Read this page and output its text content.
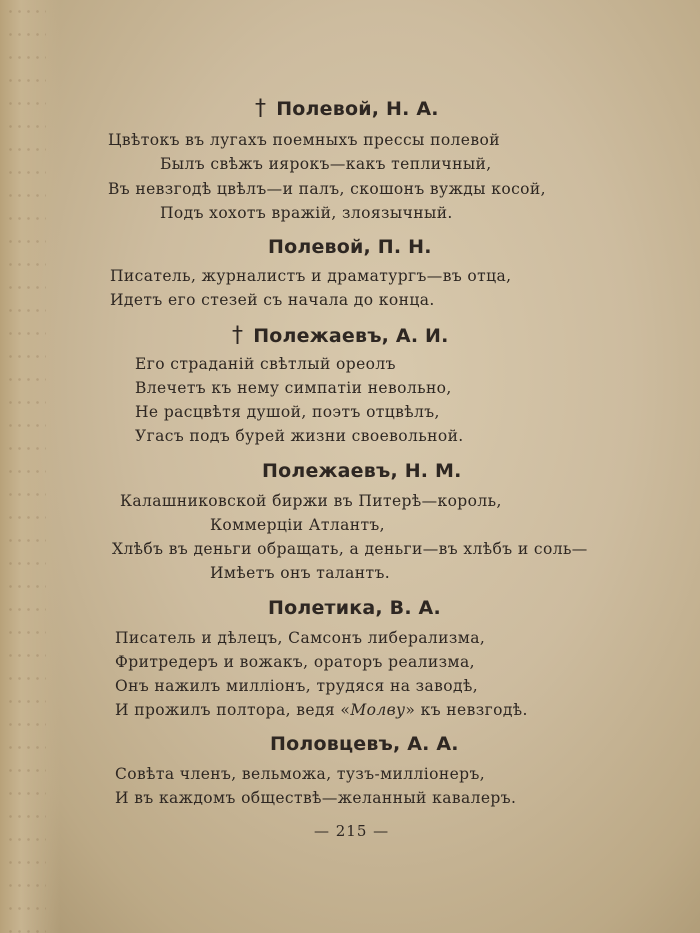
† Полевой, Н. А.
Цвѣтокъ въ лугахъ поемныхъ прессы полевой
Былъ свѣжъ иярокъ—какъ тепличный,
Въ невзгодѣ цвѣлъ—и палъ, скошонъ вужды косой,
Подъ хохотъ вражій, злоязычный.
Полевой, П. Н.
Писатель, журналистъ и драматургъ—въ отца,
Идетъ его стезей съ начала до конца.
† Полежаевъ, А. И.
Его страданій свѣтлый ореолъ
Влечетъ къ нему симпатіи невольно,
Не расцвѣтя душой, поэтъ отцвѣлъ,
Угасъ подъ бурей жизни своевольной.
Полежаевъ, Н. М.
Калашниковской биржи въ Питерѣ—король,
Коммерціи Атлантъ,
Хлѣбъ въ деньги обращать, а деньги—въ хлѣбъ и соль—
Имѣетъ онъ талантъ.
Полетика, В. А.
Писатель и дѣлецъ, Самсонъ либерализма,
Фритредеръ и вожакъ, ораторъ реализма,
Онъ нажилъ милліонъ, трудяся на заводѣ,
И прожилъ полтора, ведя «Молву» къ невзгодѣ.
Половцевъ, А. А.
Совѣта членъ, вельможа, тузъ-милліонеръ,
И въ каждомъ обществѣ—желанный кавалеръ.
— 215 —
